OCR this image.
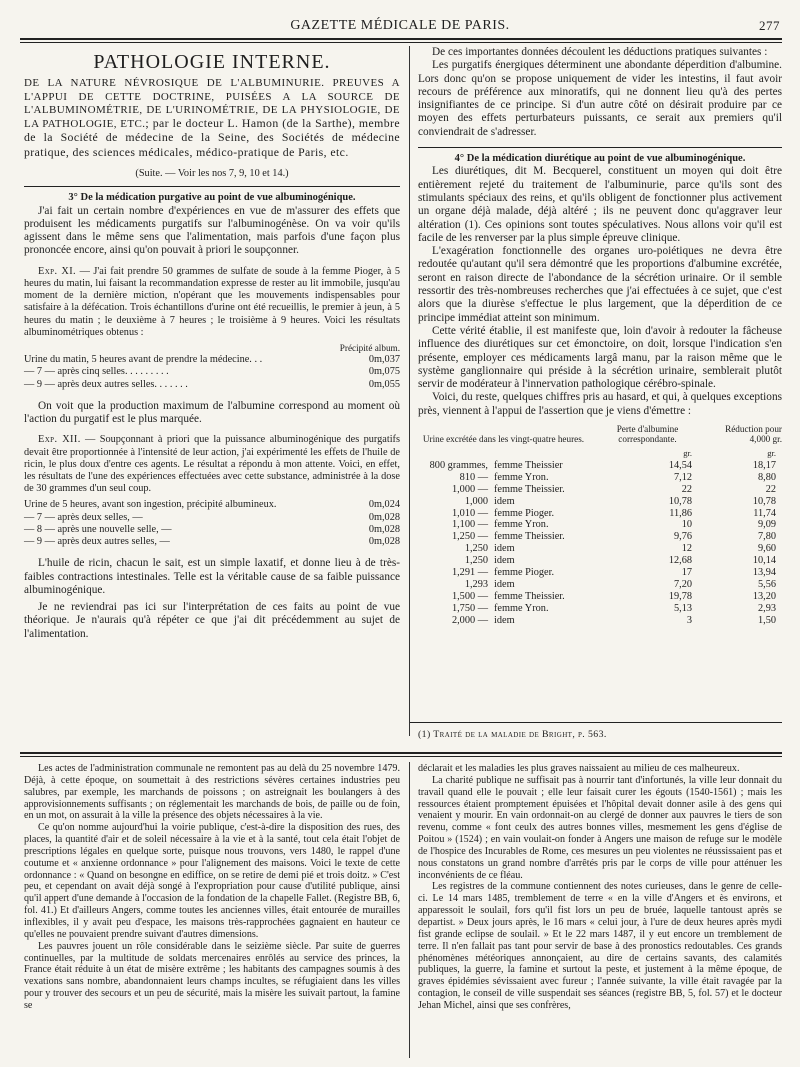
GAZETTE MÉDICALE DE PARIS.	277
PATHOLOGIE INTERNE.

DE LA NATURE NÉVROSIQUE DE L'ALBUMINURIE. PREUVES A L'APPUI DE CETTE DOCTRINE, PUISÉES A LA SOURCE DE L'ALBUMINOMÉTRIE, DE L'URINOMÉTRIE, DE LA PHYSIOLOGIE, DE LA PATHOLOGIE, ETC.; par le docteur L. Hamon (de la Sarthe), membre de la Société de médecine de la Seine, des Sociétés de médecine pratique, des sciences médicales, médico-pratique de Paris, etc.

(Suite. — Voir les nos 7, 9, 10 et 14.)

3° De la médication purgative au point de vue albuminogénique.

J'ai fait un certain nombre d'expériences en vue de m'assurer des effets que produisent les médicaments purgatifs sur l'albuminogénèse. On va voir qu'ils agissent dans le même sens que l'alimentation, mais parfois d'une façon plus prononcée encore, ainsi qu'on pouvait à priori le soupçonner.

Exp. XI. — J'ai fait prendre 50 grammes de sulfate de soude à la femme Pioger, à 5 heures du matin, lui faisant la recommandation expresse de rester au lit immobile, jusqu'au moment de la dernière miction, n'opérant que les mouvements indispensables pour satisfaire à la défécation. Trois échantillons d'urine ont été recueillis, le premier à jeun, à 5 heures du matin ; le deuxième à 7 heures ; le troisième à 9 heures. Voici les résultats albuminométriques obtenus :

	Précipité album.
Urine du matin, 5 heures avant de prendre la médecine. . .	0m,037
— 7 — après cinq selles. . . . . . . . .	0m,075
— 9 — après deux autres selles. . . . . . .	0m,055

On voit que la production maximum de l'albumine correspond au moment où l'action du purgatif est le plus marquée.

Exp. XII. — Soupçonnant à priori que la puissance albuminogénique des purgatifs devait être proportionnée à l'intensité de leur action, j'ai expérimenté les effets de l'huile de ricin, le plus doux d'entre ces agents. Le résultat a répondu à mon attente. Voici, en effet, les résultats de l'une des expériences effectuées avec cette substance, administrée à la dose de 30 grammes d'un seul coup.

Urine de 5 heures, avant son ingestion, précipité albumineux.	0m,024
— 7 — après deux selles, —	0m,028
— 8 — après une nouvelle selle, —	0m,028
— 9 — après deux autres selles, —	0m,028

L'huile de ricin, chacun le sait, est un simple laxatif, et donne lieu à de très-faibles contractions intestinales. Telle est la véritable cause de sa faible puissance albuminogénique.

Je ne reviendrai pas ici sur l'interprétation de ces faits au point de vue théorique. Je n'aurais qu'à répéter ce que j'ai dit précédemment au sujet de l'alimentation.

De ces importantes données découlent les déductions pratiques suivantes :

Les purgatifs énergiques déterminent une abondante déperdition d'albumine. Lors donc qu'on se propose uniquement de vider les intestins, il faut avoir recours de préférence aux minoratifs, qui ne donnent lieu qu'à des pertes insignifiantes de ce principe. Si d'un autre côté on désirait produire par ce moyen des effets perturbateurs puissants, ce serait aux premiers qu'il conviendrait de s'adresser.

4° De la médication diurétique au point de vue albuminogénique.

Les diurétiques, dit M. Becquerel, constituent un moyen qui doit être entièrement rejeté du traitement de l'albuminurie, parce qu'ils sont des stimulants spéciaux des reins, et qu'ils obligent de fonctionner plus activement un organe déjà malade, déjà altéré ; ils ne peuvent donc qu'aggraver leur altération (1). Ces opinions sont toutes spéculatives. Nous allons voir qu'il est facile de les renverser par la plus simple épreuve clinique.

L'exagération fonctionnelle des organes uro-poiétiques ne devra être redoutée qu'autant qu'il sera démontré que les proportions d'albumine excrétée, seront en raison directe de l'abondance de la sécrétion urinaire. Or il semble ressortir des très-nombreuses recherches que j'ai effectuées à ce sujet, que c'est alors que la diurèse s'effectue le plus largement, que la déperdition de ce principe immédiat atteint son minimum.

Cette vérité établie, il est manifeste que, loin d'avoir à redouter la fâcheuse influence des diurétiques sur cet émonctoire, on doit, lorsque l'indication s'en présente, employer ces médicaments largâ manu, par la raison même que le système ganglionnaire qui préside à la sécrétion urinaire, semblerait plutôt servir de modérateur à l'innervation pathologique cérébro-spinale.

Voici, du reste, quelques chiffres pris au hasard, et qui, à quelques exceptions près, viennent à l'appui de l'assertion que je viens d'émettre :

Urine excrétée dans les vingt-quatre heures.		Perte d'albumine correspondante.	Réduction pour 4,000 gr.
		gr.	gr.
800 grammes,	femme Theissier	14,54	18,17
810 —	femme Yron.	7,12	8,80
1,000 —	femme Theissier.	22	22
1,000	idem	10,78	10,78
1,010 —	femme Pioger.	11,86	11,74
1,100 —	femme Yron.	10	9,09
1,250 —	femme Theissier.	9,76	7,80
1,250	idem	12	9,60
1,250	idem	12,68	10,14
1,291 —	femme Pioger.	17	13,94
1,293	idem	7,20	5,56
1,500 —	femme Theissier.	19,78	13,20
1,750 —	femme Yron.	5,13	2,93
2,000 —	idem	3	1,50
(1) Traité de la maladie de Bright, p. 563.

Les actes de l'administration communale ne remontent pas au delà du 25 novembre 1479. Déjà, à cette époque, on soumettait à des restrictions sévères certaines industries peu salubres, par exemple, les marchands de poissons ; on astreignait les boulangers à des approvisionnements suffisants ; on réglementait les marchands de bois, de paille ou de foin, en un mot, on assurait à la ville la présence des objets nécessaires à la vie.

Ce qu'on nomme aujourd'hui la voirie publique, c'est-à-dire la disposition des rues, des places, la quantité d'air et de soleil nécessaire à la vie et à la santé, tout cela était l'objet de prescriptions légales en quelque sorte, puisque nous trouvons, vers 1480, le rappel d'une coutume et « anxienne ordonnance » pour l'alignement des maisons. Voici le texte de cette ordonnance : « Quand on besongne en ediffice, on se retire de demi pié et trois doitz. » C'est peu, et cependant on avait déjà songé à l'expropriation pour cause d'utilité publique, ainsi qu'il appert d'une demande à l'occasion de la fondation de la chapelle Fallet. (Registre BB, 6, fol. 41.) Et d'ailleurs Angers, comme toutes les anciennes villes, était entourée de murailles inflexibles, il y avait peu d'espace, les maisons très-rapprochées gagnaient en hauteur ce qu'elles ne pouvaient prendre suivant d'autres dimensions.

Les pauvres jouent un rôle considérable dans le seizième siècle. Par suite de guerres continuelles, par la multitude de soldats mercenaires enrôlés au service des princes, la France était réduite à un état de misère extrême ; les habitants des campagnes soumis à des vexations sans nombre, abandonnaient leurs champs incultes, se réfugiaient dans les villes pour y trouver des secours et un peu de sécurité, mais la misère les suivait partout, la famine se

déclarait et les maladies les plus graves naissaient au milieu de ces malheureux.

La charité publique ne suffisait pas à nourrir tant d'infortunés, la ville leur donnait du travail quand elle le pouvait ; elle leur faisait curer les égouts (1540-1561) ; mais les ressources étaient promptement épuisées et l'hôpital devait donner asile à des gens qui venaient y mourir. En vain ordonnait-on au clergé de donner aux pauvres le tiers de son revenu, comme « font ceulx des autres bonnes villes, mesmement les gens d'église de Poitou » (1524) ; en vain voulait-on fonder à Angers une maison de refuge sur le modèle de l'hospice des Incurables de Rome, ces mesures un peu violentes ne réussissaient pas et nous constatons un grand nombre d'arrêtés pris par le corps de ville pour atténuer les inconvénients de ce fléau.

Les registres de la commune contiennent des notes curieuses, dans le genre de celle-ci. Le 14 mars 1485, tremblement de terre « en la ville d'Angers et ès environs, et apparessoit le soulail, fors qu'il fist lors un peu de bruée, laquelle tantoust après se departist. » Deux jours après, le 16 mars « celui jour, à l'ure de deux heures après mydi fist grande eclipse de soulail. » Et le 22 mars 1487, il y eut encore un tremblement de terre. Il n'en fallait pas tant pour servir de base à des pronostics redoutables. Ces grands phénomènes météoriques annonçaient, au dire de certains savants, des calamités publiques, la guerre, la famine et surtout la peste, et justement à la même époque, de graves épidémies sévissaient avec fureur ; l'année suivante, la ville était ravagée par la contagion, le conseil de ville suspendait ses séances (registre BB, 5, fol. 57) et le docteur Jehan Michel, ainsi que ses confrères,
